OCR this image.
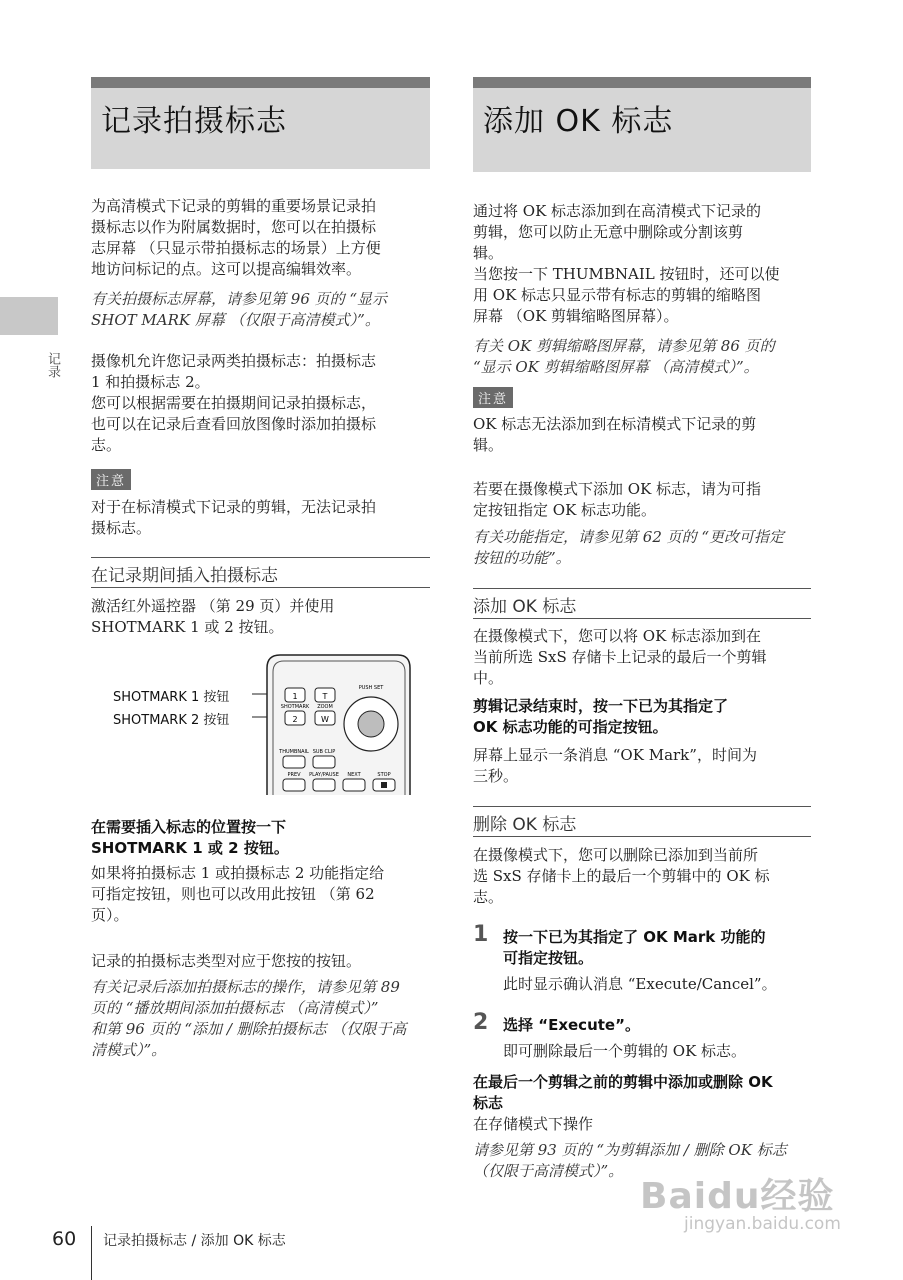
记录
记录拍摄标志
为高清模式下记录的剪辑的重要场景记录拍
摄标志以作为附属数据时，您可以在拍摄标
志屏幕 （只显示带拍摄标志的场景）上方便
地访问标记的点。这可以提高编辑效率。
有关拍摄标志屏幕，请参见第 96 页的 “显示
SHOT MARK 屏幕 （仅限于高清模式）”。
摄像机允许您记录两类拍摄标志：拍摄标志
1 和拍摄标志 2。
您可以根据需要在拍摄期间记录拍摄标志，
也可以在记录后查看回放图像时添加拍摄标
志。
注意
对于在标清模式下记录的剪辑，无法记录拍
摄标志。
在记录期间插入拍摄标志
激活红外遥控器 （第 29 页）并使用
SHOTMARK 1 或 2 按钮。
SHOTMARK 1 按钮
SHOTMARK 2 按钮
1
SHOTMARK
2
T
ZOOM
W
PUSH SET
THUMBNAIL SUB CLIP
PREV PLAY/PAUSE NEXT	STOP
在需要插入标志的位置按一下
SHOTMARK 1 或 2 按钮。
如果将拍摄标志 1 或拍摄标志 2 功能指定给
可指定按钮，则也可以改用此按钮 （第 62
页）。
记录的拍摄标志类型对应于您按的按钮。
有关记录后添加拍摄标志的操作，请参见第 89
页的 “播放期间添加拍摄标志 （高清模式）”
和第 96 页的 “添加 / 删除拍摄标志 （仅限于高
清模式）”。
添加 OK 标志
通过将 OK 标志添加到在高清模式下记录的
剪辑，您可以防止无意中删除或分割该剪
辑。
当您按一下 THUMBNAIL 按钮时，还可以使
用 OK 标志只显示带有标志的剪辑的缩略图
屏幕 （OK 剪辑缩略图屏幕）。
有关 OK 剪辑缩略图屏幕，请参见第 86 页的
“显示 OK 剪辑缩略图屏幕 （高清模式）”。
注意
OK 标志无法添加到在标清模式下记录的剪
辑。
若要在摄像模式下添加 OK 标志，请为可指
定按钮指定 OK 标志功能。
有关功能指定，请参见第 62 页的 “更改可指定
按钮的功能”。
添加 OK 标志
在摄像模式下，您可以将 OK 标志添加到在
当前所选 SxS 存储卡上记录的最后一个剪辑
中。
剪辑记录结束时，按一下已为其指定了
OK 标志功能的可指定按钮。
屏幕上显示一条消息 “OK Mark”，时间为
三秒。
删除 OK 标志
在摄像模式下，您可以删除已添加到当前所
选 SxS 存储卡上的最后一个剪辑中的 OK 标
志。
1 按一下已为其指定了 OK Mark 功能的
可指定按钮。
此时显示确认消息 “Execute/Cancel”。
2 选择 “Execute”。
即可删除最后一个剪辑的 OK 标志。
在最后一个剪辑之前的剪辑中添加或删除 OK
标志
在存储模式下操作
请参见第 93 页的 “为剪辑添加 / 删除 OK 标志
（仅限于高清模式）”。
Baidu经验
jingyan.baidu.com
60 记录拍摄标志 / 添加 OK 标志
